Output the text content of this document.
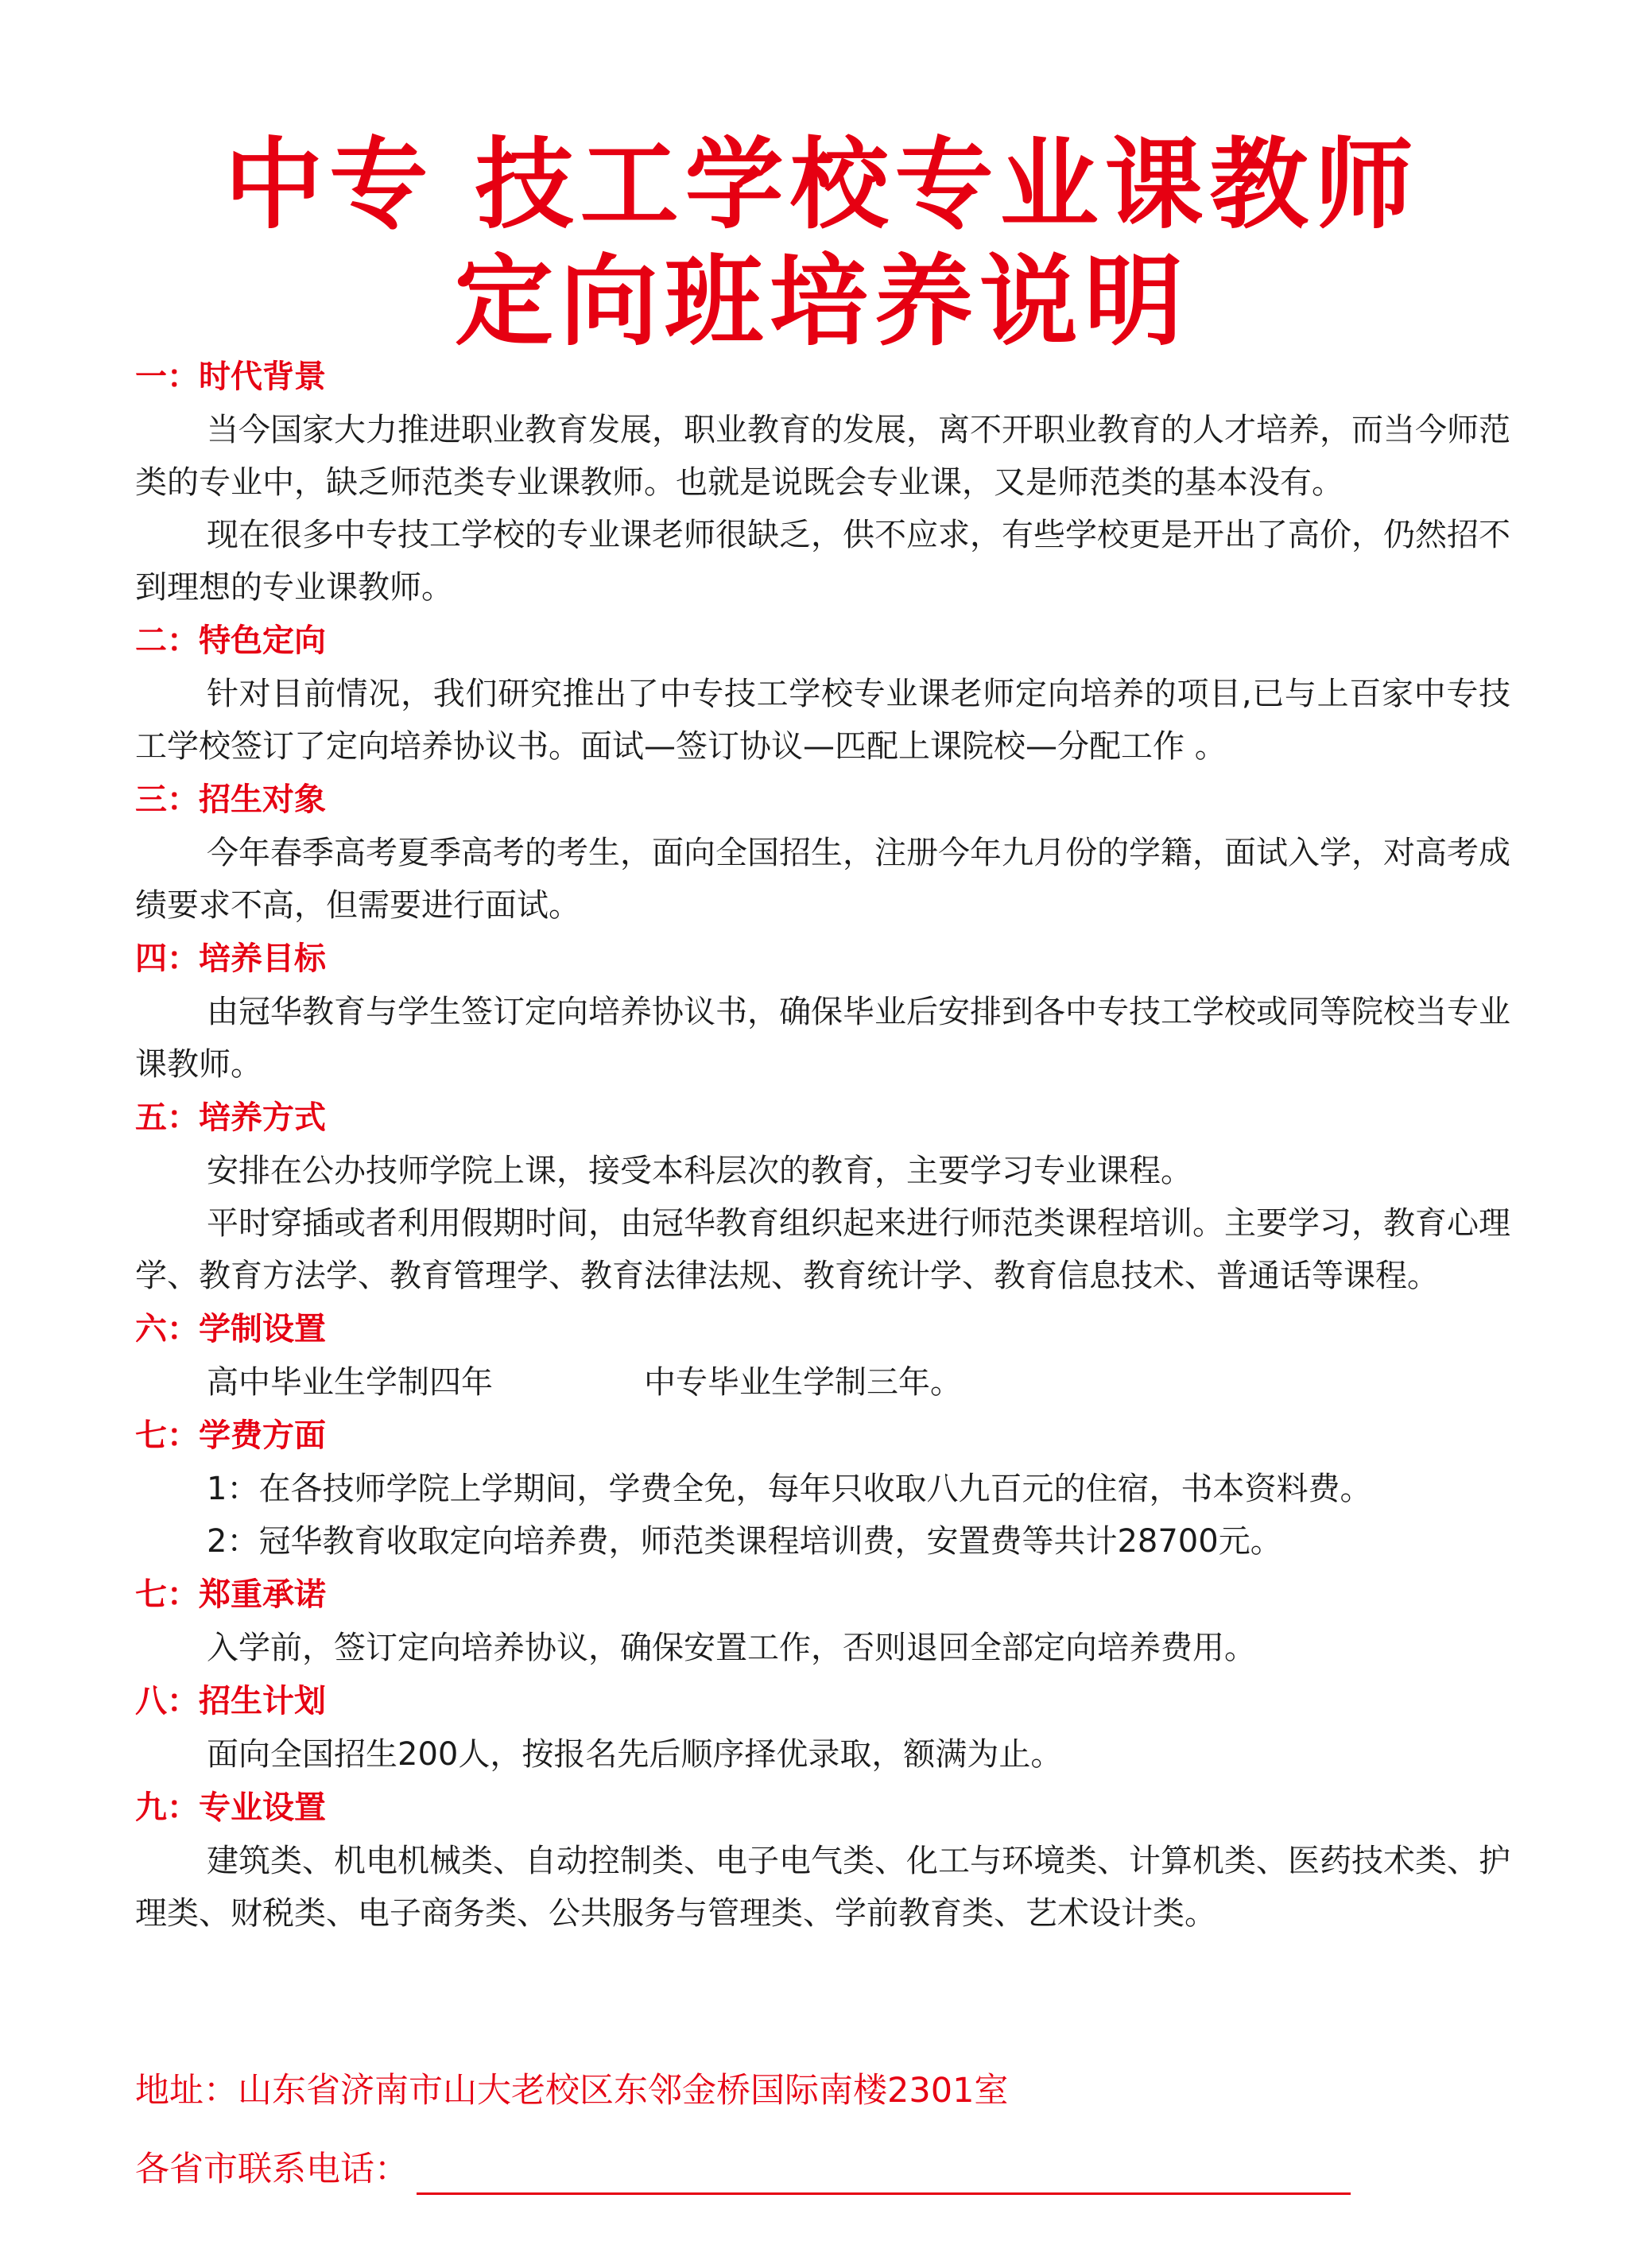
中专 技工学校专业课教师
定向班培养说明
一：时代背景

当今国家大力推进职业教育发展，职业教育的发展，离不开职业教育的人才培养，而当今师范类的专业中，缺乏师范类专业课教师。也就是说既会专业课，又是师范类的基本没有。

现在很多中专技工学校的专业课老师很缺乏，供不应求，有些学校更是开出了高价，仍然招不到理想的专业课教师。

二：特色定向

针对目前情况，我们研究推出了中专技工学校专业课老师定向培养的项目,已与上百家中专技工学校签订了定向培养协议书。面试—签订协议—匹配上课院校—分配工作 。

三：招生对象

今年春季高考夏季高考的考生，面向全国招生，注册今年九月份的学籍，面试入学，对高考成绩要求不高，但需要进行面试。

四：培养目标

由冠华教育与学生签订定向培养协议书，确保毕业后安排到各中专技工学校或同等院校当专业课教师。

五：培养方式

安排在公办技师学院上课，接受本科层次的教育，主要学习专业课程。

平时穿插或者利用假期时间，由冠华教育组织起来进行师范类课程培训。主要学习，教育心理学、教育方法学、教育管理学、教育法律法规、教育统计学、教育信息技术、普通话等课程。

六：学制设置

高中毕业生学制四年	中专毕业生学制三年。

七：学费方面

1：在各技师学院上学期间，学费全免，每年只收取八九百元的住宿，书本资料费。

2：冠华教育收取定向培养费，师范类课程培训费，安置费等共计28700元。

七：郑重承诺

入学前，签订定向培养协议，确保安置工作，否则退回全部定向培养费用。

八：招生计划

面向全国招生200人，按报名先后顺序择优录取，额满为止。

九：专业设置

建筑类、机电机械类、自动控制类、电子电气类、化工与环境类、计算机类、医药技术类、护理类、财税类、电子商务类、公共服务与管理类、学前教育类、艺术设计类。

地址：山东省济南市山大老校区东邻金桥国际南楼2301室
各省市联系电话：
